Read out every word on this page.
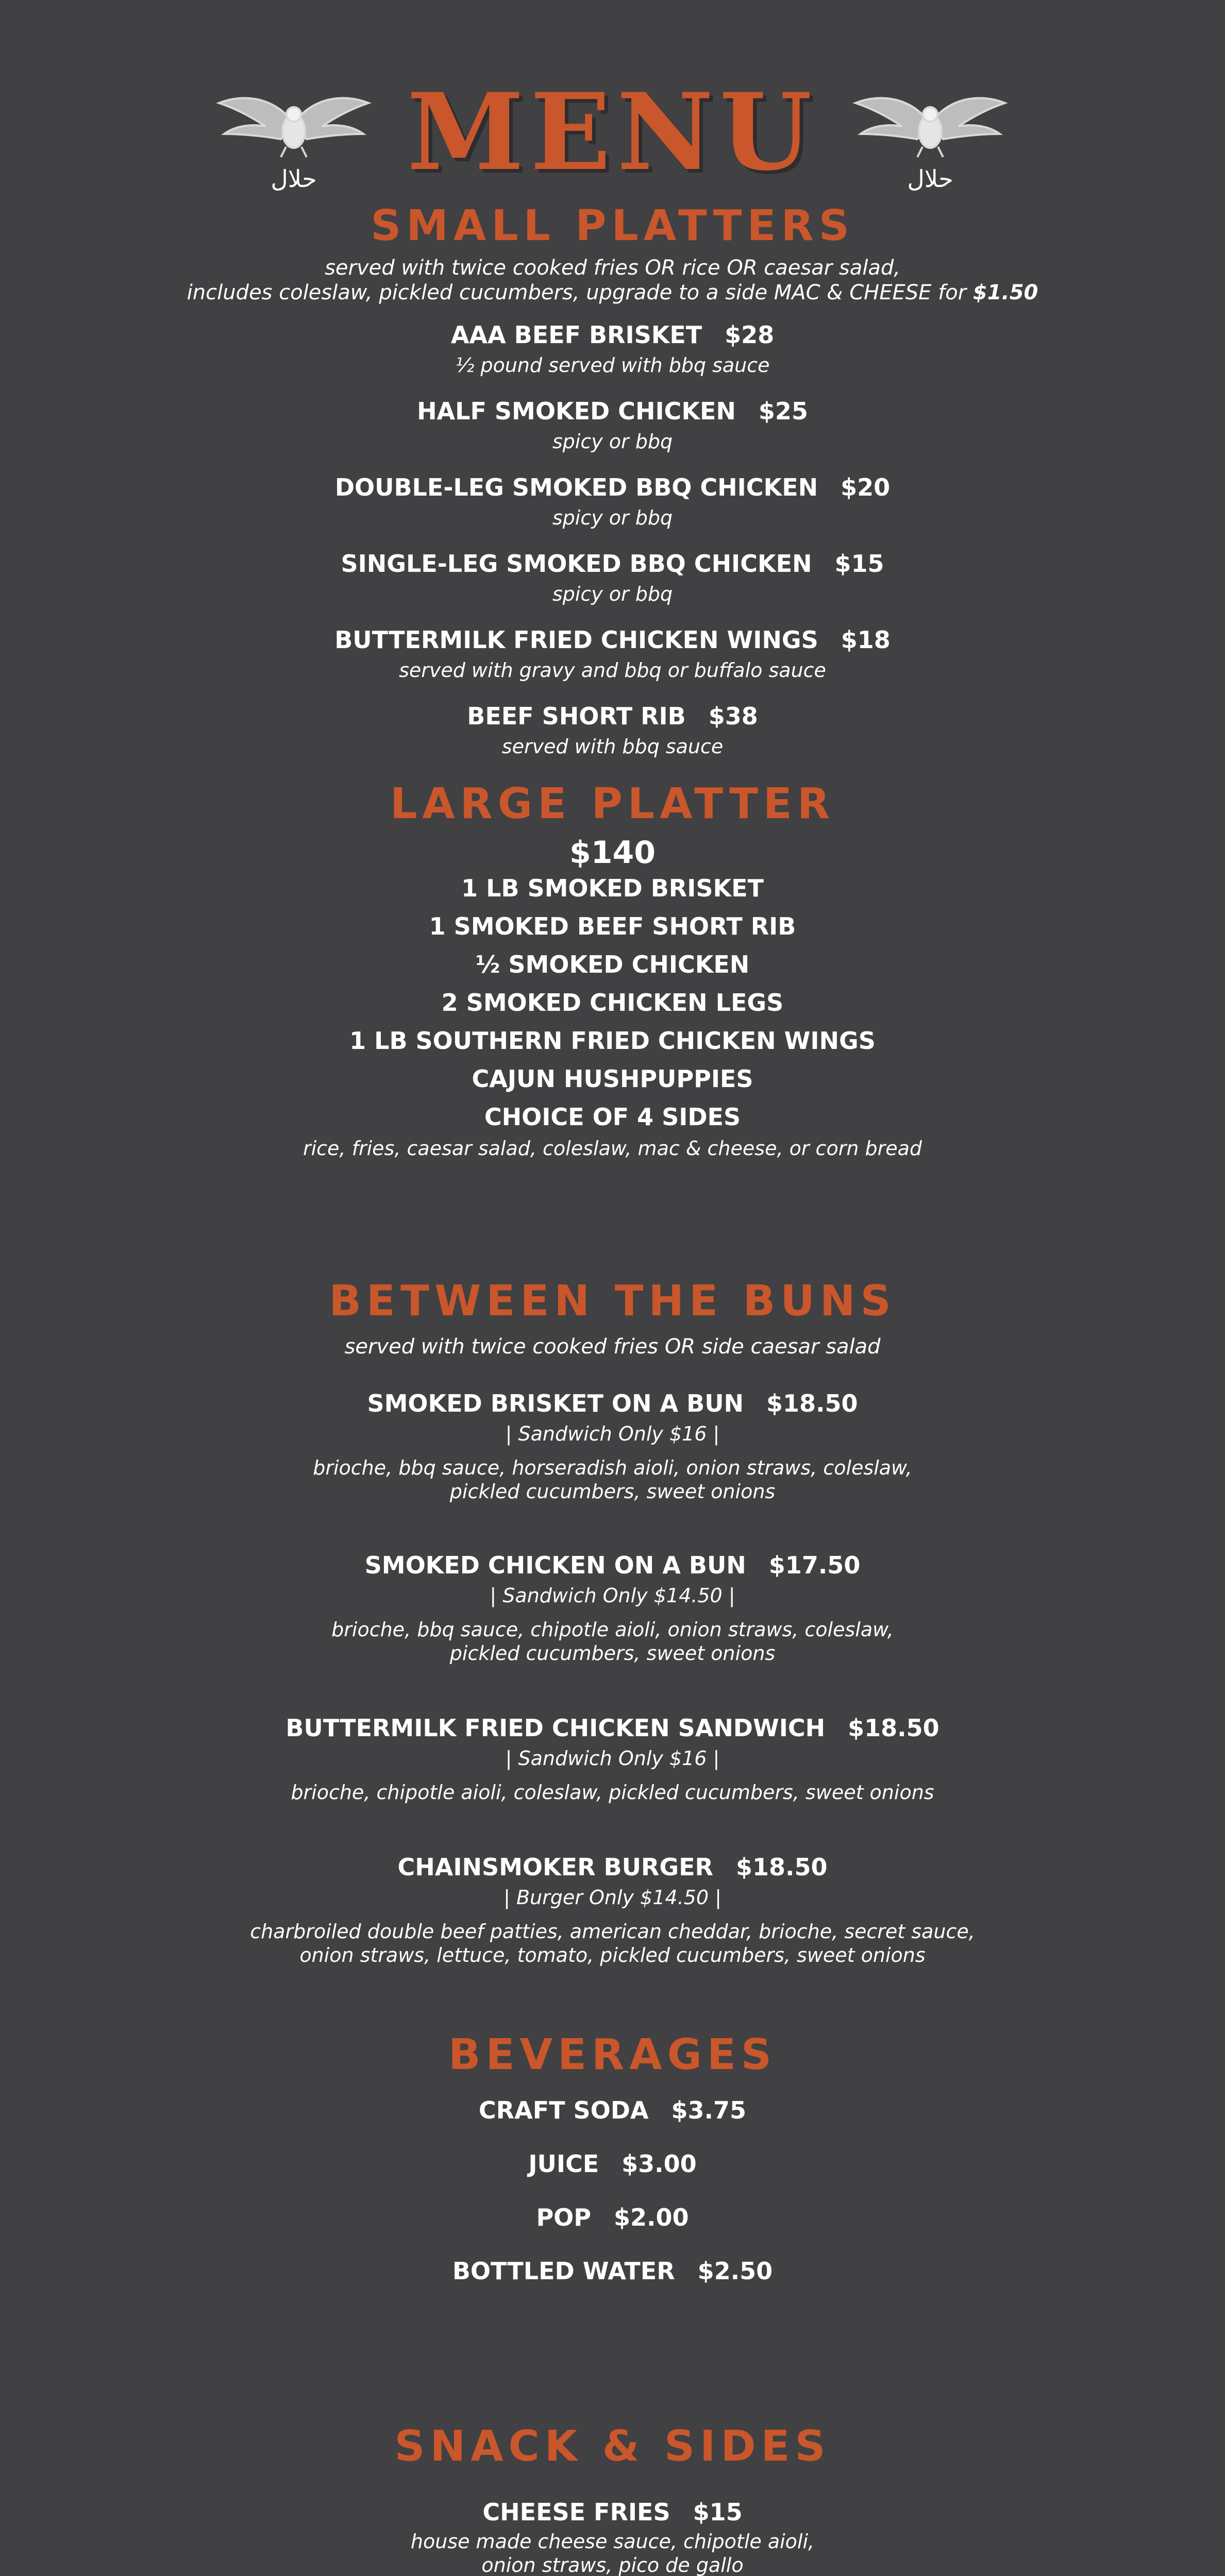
حلال	حلال
MENU
SMALL PLATTERS
served with twice cooked fries OR rice OR caesar salad,
includes coleslaw, pickled cucumbers, upgrade to a side MAC & CHEESE for $1.50
AAA BEEF BRISKET $28
½ pound served with bbq sauce
HALF SMOKED CHICKEN $25
spicy or bbq
DOUBLE-LEG SMOKED BBQ CHICKEN $20
spicy or bbq
SINGLE-LEG SMOKED BBQ CHICKEN $15
spicy or bbq
BUTTERMILK FRIED CHICKEN WINGS $18
served with gravy and bbq or buffalo sauce
BEEF SHORT RIB $38
served with bbq sauce
LARGE PLATTER
$140
1 LB SMOKED BRISKET
1 SMOKED BEEF SHORT RIB
½ SMOKED CHICKEN
2 SMOKED CHICKEN LEGS
1 LB SOUTHERN FRIED CHICKEN WINGS
CAJUN HUSHPUPPIES
CHOICE OF 4 SIDES
rice, fries, caesar salad, coleslaw, mac & cheese, or corn bread
BETWEEN THE BUNS
served with twice cooked fries OR side caesar salad
SMOKED BRISKET ON A BUN $18.50
| Sandwich Only $16 |
brioche, bbq sauce, horseradish aioli, onion straws, coleslaw,
pickled cucumbers, sweet onions
SMOKED CHICKEN ON A BUN $17.50
| Sandwich Only $14.50 |
brioche, bbq sauce, chipotle aioli, onion straws, coleslaw,
pickled cucumbers, sweet onions
BUTTERMILK FRIED CHICKEN SANDWICH $18.50
| Sandwich Only $16 |
brioche, chipotle aioli, coleslaw, pickled cucumbers, sweet onions
CHAINSMOKER BURGER $18.50
| Burger Only $14.50 |
charbroiled double beef patties, american cheddar, brioche, secret sauce,
onion straws, lettuce, tomato, pickled cucumbers, sweet onions
BEVERAGES
CRAFT SODA $3.75
JUICE $3.00
POP $2.00
BOTTLED WATER $2.50
SNACK & SIDES
CHEESE FRIES $15
house made cheese sauce, chipotle aioli,
onion straws, pico de gallo
